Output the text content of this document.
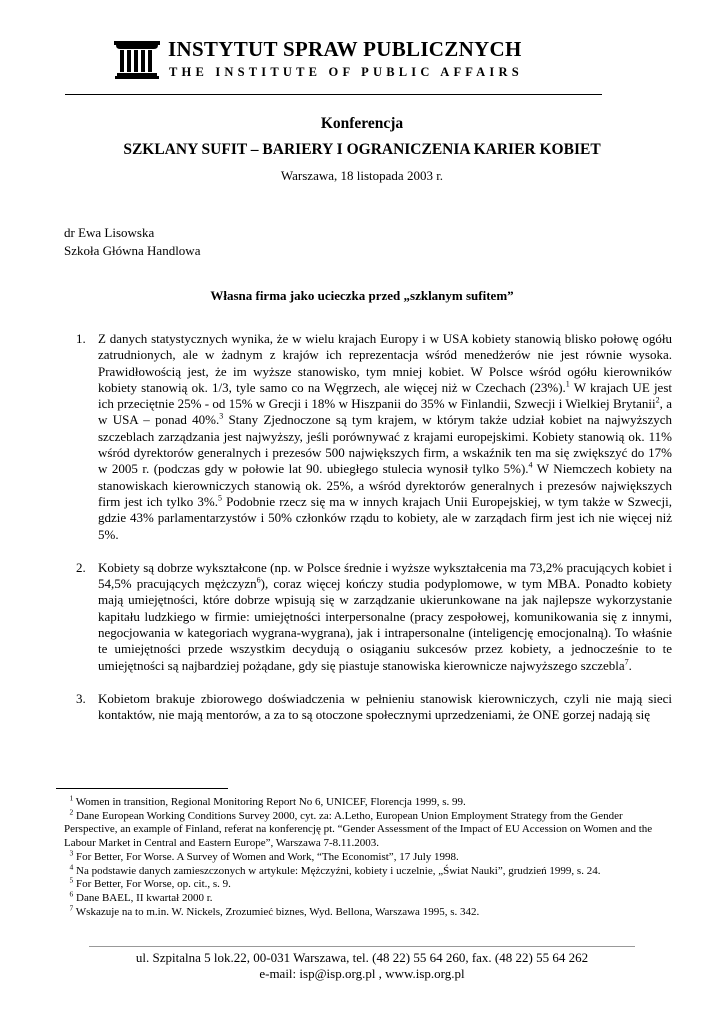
INSTYTUT SPRAW PUBLICZNYCH
THE INSTITUTE OF PUBLIC AFFAIRS
Konferencja
SZKLANY SUFIT – BARIERY I OGRANICZENIA KARIER KOBIET
Warszawa, 18 listopada 2003 r.
dr Ewa Lisowska
Szkoła Główna Handlowa
Własna firma jako ucieczka przed „szklanym sufitem”
1. Z danych statystycznych wynika, że w wielu krajach Europy i w USA kobiety stanowią blisko połowę ogółu zatrudnionych, ale w żadnym z krajów ich reprezentacja wśród menedżerów nie jest równie wysoka. Prawidłowością jest, że im wyższe stanowisko, tym mniej kobiet. W Polsce wśród ogółu kierowników kobiety stanowią ok. 1/3, tyle samo co na Węgrzech, ale więcej niż w Czechach (23%).$^1$ W krajach UE jest ich przeciętnie 25% - od 15% w Grecji i 18% w Hiszpanii do 35% w Finlandii, Szwecji i Wielkiej Brytanii$^2$, a w USA – ponad 40%.$^3$ Stany Zjednoczone są tym krajem, w którym także udział kobiet na najwyższych szczeblach zarządzania jest najwyższy, jeśli porównywać z krajami europejskimi. Kobiety stanowią ok. 11% wśród dyrektorów generalnych i prezesów 500 największych firm, a wskaźnik ten ma się zwiększyć do 17% w 2005 r. (podczas gdy w połowie lat 90. ubiegłego stulecia wynosił tylko 5%).$^4$ W Niemczech kobiety na stanowiskach kierowniczych stanowią ok. 25%, a wśród dyrektorów generalnych i prezesów największych firm jest ich tylko 3%.$^5$ Podobnie rzecz się ma w innych krajach Unii Europejskiej, w tym także w Szwecji, gdzie 43% parlamentarzystów i 50% członków rządu to kobiety, ale w zarządach firm jest ich nie więcej niż 5%.
2. Kobiety są dobrze wykształcone (np. w Polsce średnie i wyższe wykształcenia ma 73,2% pracujących kobiet i 54,5% pracujących mężczyzn$^6$), coraz więcej kończy studia podyplomowe, w tym MBA. Ponadto kobiety mają umiejętności, które dobrze wpisują się w zarządzanie ukierunkowane na jak najlepsze wykorzystanie kapitału ludzkiego w firmie: umiejętności interpersonalne (pracy zespołowej, komunikowania się z innymi, negocjowania w kategoriach wygrana-wygrana), jak i intrapersonalne (inteligencję emocjonalną). To właśnie te umiejętności przede wszystkim decydują o osiąganiu sukcesów przez kobiety, a jednocześnie to te umiejętności są najbardziej pożądane, gdy się piastuje stanowiska kierownicze najwyższego szczebla$^7$.
3. Kobietom brakuje zbiorowego doświadczenia w pełnieniu stanowisk kierowniczych, czyli nie mają sieci kontaktów, nie mają mentorów, a za to są otoczone społecznymi uprzedzeniami, że ONE gorzej nadają się
$^1$ Women in transition, Regional Monitoring Report No 6, UNICEF, Florencja 1999, s. 99.
$^2$ Dane European Working Conditions Survey 2000, cyt. za: A.Letho, European Union Employment Strategy from the Gender Perspective, an example of Finland, referat na konferencję pt. “Gender Assessment of the Impact of EU Accession on Women and the Labour Market in Central and Eastern Europe”, Warszawa 7-8.11.2003.
$^3$ For Better, For Worse. A Survey of Women and Work, “The Economist”, 17 July 1998.
$^4$ Na podstawie danych zamieszczonych w artykule: Mężczyźni, kobiety i uczelnie, „Świat Nauki”, grudzień 1999, s. 24.
$^5$ For Better, For Worse, op. cit., s. 9.
$^6$ Dane BAEL, II kwartał 2000 r.
$^7$ Wskazuje na to m.in. W. Nickels, Zrozumieć biznes, Wyd. Bellona, Warszawa 1995, s. 342.
ul. Szpitalna 5 lok.22, 00-031 Warszawa, tel. (48 22) 55 64 260, fax. (48 22) 55 64 262
e-mail: isp@isp.org.pl , www.isp.org.pl
